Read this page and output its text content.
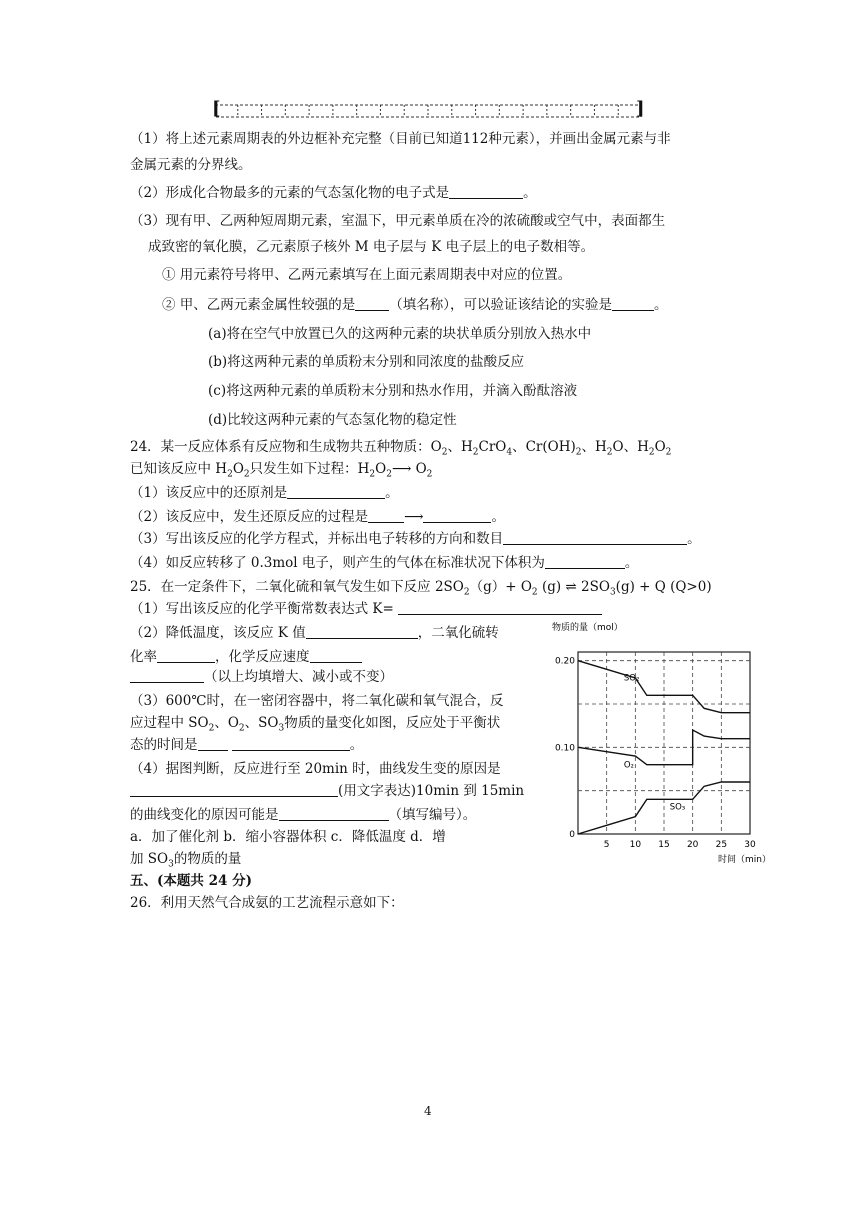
[	]
（1）将上述元素周期表的外边框补充完整（目前已知道112种元素），并画出金属元素与非
金属元素的分界线。
（2）形成化合物最多的元素的气态氢化物的电子式是	。
（3）现有甲、乙两种短周期元素，室温下，甲元素单质在冷的浓硫酸或空气中，表面都生
成致密的氧化膜，乙元素原子核外 M 电子层与 K 电子层上的电子数相等。
① 用元素符号将甲、乙两元素填写在上面元素周期表中对应的位置。
② 甲、乙两元素金属性较强的是	（填名称），可以验证该结论的实验是	。
(a)将在空气中放置已久的这两种元素的块状单质分别放入热水中
(b)将这两种元素的单质粉末分别和同浓度的盐酸反应
(c)将这两种元素的单质粉末分别和热水作用，并滴入酚酞溶液
(d)比较这两种元素的气态氢化物的稳定性
24．某一反应体系有反应物和生成物共五种物质：$O_2$、$H_2CrO_4$、$Cr(OH)_2$、$H_2O$、$H_2O_2$
已知该反应中 $H_2O_2$只发生如下过程：$H_2O_2⟶$ $O_2$
（1）该反应中的还原剂是	。
（2）该反应中，发生还原反应的过程是	⟶	。
（3）写出该反应的化学方程式，并标出电子转移的方向和数目	。
（4）如反应转移了 0.3mol 电子，则产生的气体在标准状况下体积为	。
25．在一定条件下，二氧化硫和氧气发生如下反应 $2SO_2(g)+ O_2$ (g) ⇌ $2SO_3(g) + Q$ (Q>0)
（1）写出该反应的化学平衡常数表达式 K=
（2）降低温度，该反应 K 值	，二氧化硫转
化率	，化学反应速度
（以上均填增大、减小或不变）
（3）600℃时，在一密闭容器中，将二氧化碳和氧气混合，反
应过程中 $SO_2$、$O_2$、$SO_3$物质的量变化如图，反应处于平衡状
态的时间是	。
（4）据图判断，反应进行至 20min 时，曲线发生变的原因是
(用文字表达)10min 到 15min
的曲线变化的原因可能是	（填写编号）。
a．加了催化剂 b．缩小容器体积 c．降低温度 d．增
加 $SO_3$的物质的量
五、(本题共 24 分)
26．利用天然气合成氨的工艺流程示意如下：
物质的量（mol）
时间（min）
5 10 15 20 25 30
0
0.10
0.20
SO₂
O₂
SO₃
4
